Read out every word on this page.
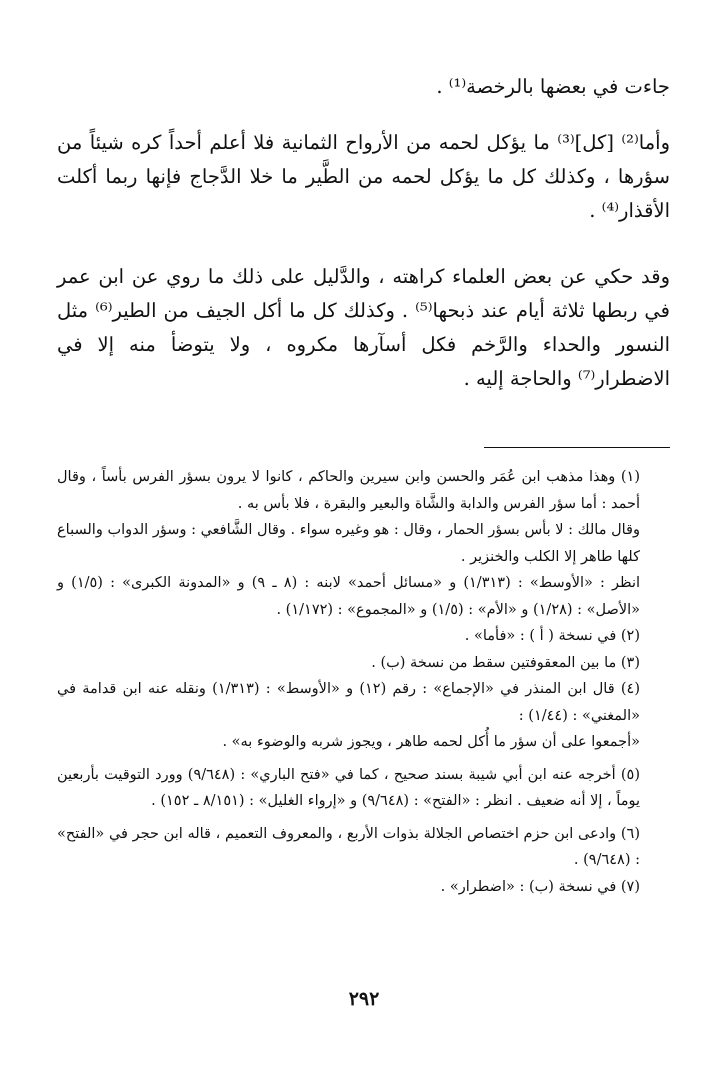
جاءت في بعضها بالرخصة⁽¹⁾ .

وأما⁽²⁾ [كل]⁽³⁾ ما يؤكل لحمه من الأرواح الثمانية فلا أعلم أحداً كره شيئاً من سؤرها ، وكذلك كل ما يؤكل لحمه من الطَّير ما خلا الدَّجاج فإنها ربما أكلت الأقذار⁽⁴⁾ .

وقد حكي عن بعض العلماء كراهته ، والدَّليل على ذلك ما روي عن ابن عمر في ربطها ثلاثة أيام عند ذبحها⁽⁵⁾ . وكذلك كل ما أكل الجيف من الطير⁽⁶⁾ مثل النسور والحداء والرَّخم فكل أسآرها مكروه ، ولا يتوضأ منه إلا في الاضطرار⁽⁷⁾ والحاجة إليه .

(١) وهذا مذهب ابن عُمَر والحسن وابن سيرين والحاكم ، كانوا لا يرون بسؤر الفرس بأساً ، وقال أحمد : أما سؤر الفرس والدابة والشَّاة والبعير والبقرة ، فلا بأس به .

وقال مالك : لا بأس بسؤر الحمار ، وقال : هو وغيره سواء . وقال الشَّافعي : وسؤر الدواب والسباع كلها طاهر إلا الكلب والخنزير .

انظر : «الأوسط» : (١/٣١٣) و «مسائل أحمد» لابنه : (٨ ـ ٩) و «المدونة الكبرى» : (١/٥) و «الأصل» : (١/٢٨) و «الأم» : (١/٥) و «المجموع» : (١/١٧٢) .

(٢) في نسخة ( أ ) : «فأما» .

(٣) ما بين المعقوفتين سقط من نسخة (ب) .

(٤) قال ابن المنذر في «الإجماع» : رقم (١٢) و «الأوسط» : (١/٣١٣) ونقله عنه ابن قدامة في «المغني» : (١/٤٤) :

«أجمعوا على أن سؤر ما أُكل لحمه طاهر ، ويجوز شربه والوضوء به» .

(٥) أخرجه عنه ابن أبي شيبة بسند صحيح ، كما في «فتح الباري» : (٩/٦٤٨) وورد التوقيت بأربعين يوماً ، إلا أنه ضعيف . انظر : «الفتح» : (٩/٦٤٨) و «إرواء الغليل» : (٨/١٥١ ـ ١٥٢) .

(٦) وادعى ابن حزم اختصاص الجلالة بذوات الأربع ، والمعروف التعميم ، قاله ابن حجر في «الفتح» : (٩/٦٤٨) .

(٧) في نسخة (ب) : «اضطرار» .

٢٩٢
